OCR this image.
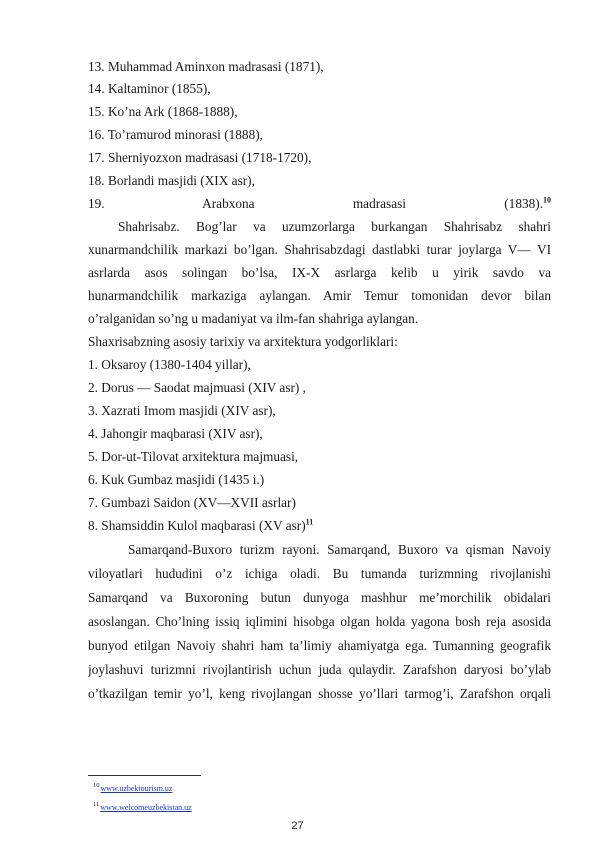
13. Muhammad Aminxon madrasasi (1871),
14. Kaltaminor (1855),
15. Ko’na Ark (1868-1888),
16. To’ramurod minorasi (1888),
17. Sherniyozxon madrasasi (1718-1720),
18. Borlandi masjidi (XIX asr),
19.	Arabxona	madrasasi	(1838).$^{10}$
Shahrisabz. Bog’lar va uzumzorlarga burkangan Shahrisabz shahri
xunarmandchilik markazi bo’lgan. Shahrisabzdagi dastlabki turar joylarga V— VI
asrlarda asos solingan bo’lsa, IX-X asrlarga kelib u yirik savdo va
hunarmandchilik markaziga aylangan. Amir Temur tomonidan devor bilan
o’ralganidan so’ng u madaniyat va ilm-fan shahriga aylangan.
Shaxrisabzning asosiy tarixiy va arxitektura yodgorliklari:
1. Oksaroy (1380-1404 yillar),
2. Dorus — Saodat majmuasi (XIV asr) ,
3. Xazrati Imom masjidi (XIV asr),
4. Jahongir maqbarasi (XIV asr),
5. Dor-ut-Tilovat arxitektura majmuasi,
6. Kuk Gumbaz masjidi (1435 i.)
7. Gumbazi Saidon (XV—XVII asrlar)
8. Shamsiddin Kulol maqbarasi (XV asr)$^{11}$
Samarqand-Buxoro turizm rayoni. Samarqand, Buxoro va qisman Navoiy
viloyatlari hududini o’z ichiga oladi. Bu tumanda turizmning rivojlanishi
Samarqand va Buxoroning butun dunyoga mashhur me’morchilik obidalari
asoslangan. Cho’lning issiq iqlimini hisobga olgan holda yagona bosh reja asosida
bunyod etilgan Navoiy shahri ham ta’limiy ahamiyatga ega. Tumanning geografik
joylashuvi turizmni rivojlantirish uchun juda qulaydir. Zarafshon daryosi bo’ylab
o’tkazilgan temir yo’l, keng rivojlangan shosse yo’llari tarmog’i, Zarafshon orqali
$^{10}$www.uzbektourism.uz
$^{11}$www.welcomeuzbekistan.uz
27
